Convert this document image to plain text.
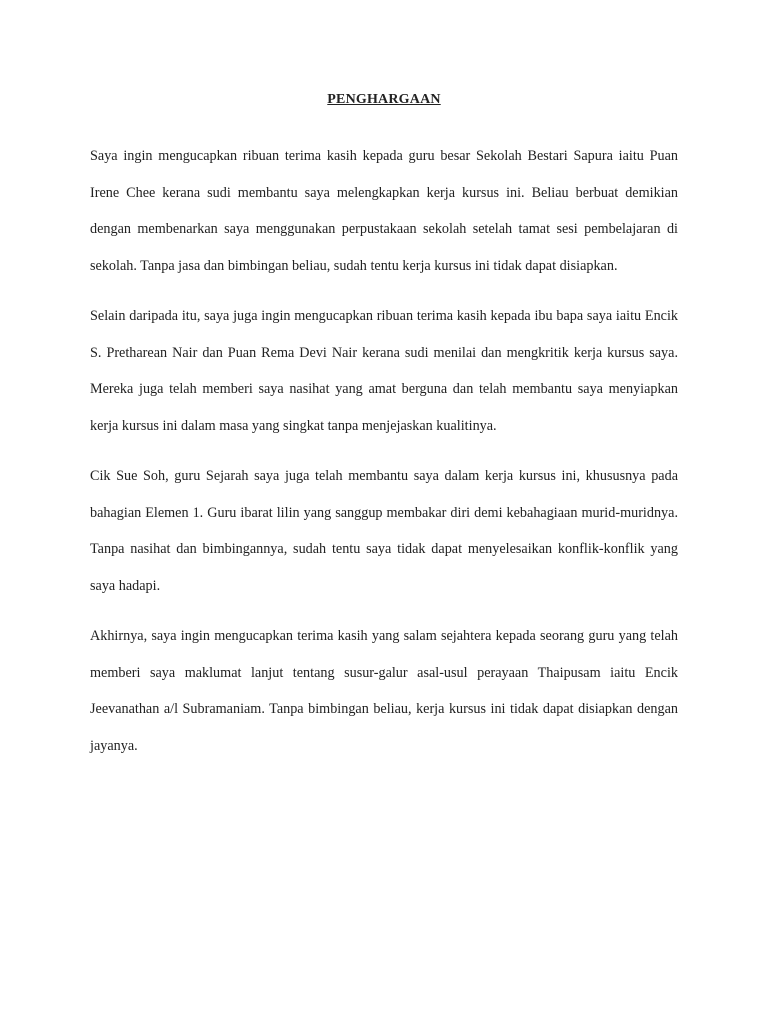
PENGHARGAAN

Saya ingin mengucapkan ribuan terima kasih kepada guru besar Sekolah Bestari Sapura iaitu Puan Irene Chee kerana sudi membantu saya melengkapkan kerja kursus ini. Beliau berbuat demikian dengan membenarkan saya menggunakan perpustakaan sekolah setelah tamat sesi pembelajaran di sekolah. Tanpa jasa dan bimbingan beliau, sudah tentu kerja kursus ini tidak dapat disiapkan.

Selain daripada itu, saya juga ingin mengucapkan ribuan terima kasih kepada ibu bapa saya iaitu Encik S. Pretharean Nair dan Puan Rema Devi Nair kerana sudi menilai dan mengkritik kerja kursus saya. Mereka juga telah memberi saya nasihat yang amat berguna dan telah membantu saya menyiapkan kerja kursus ini dalam masa yang singkat tanpa menjejaskan kualitinya.

Cik Sue Soh, guru Sejarah saya juga telah membantu saya dalam kerja kursus ini, khususnya pada bahagian Elemen 1. Guru ibarat lilin yang sanggup membakar diri demi kebahagiaan murid-muridnya. Tanpa nasihat dan bimbingannya, sudah tentu saya tidak dapat menyelesaikan konflik-konflik yang saya hadapi.

Akhirnya, saya ingin mengucapkan terima kasih yang salam sejahtera kepada seorang guru yang telah memberi saya maklumat lanjut tentang susur-galur asal-usul perayaan Thaipusam iaitu Encik Jeevanathan a/l Subramaniam. Tanpa bimbingan beliau, kerja kursus ini tidak dapat disiapkan dengan jayanya.
